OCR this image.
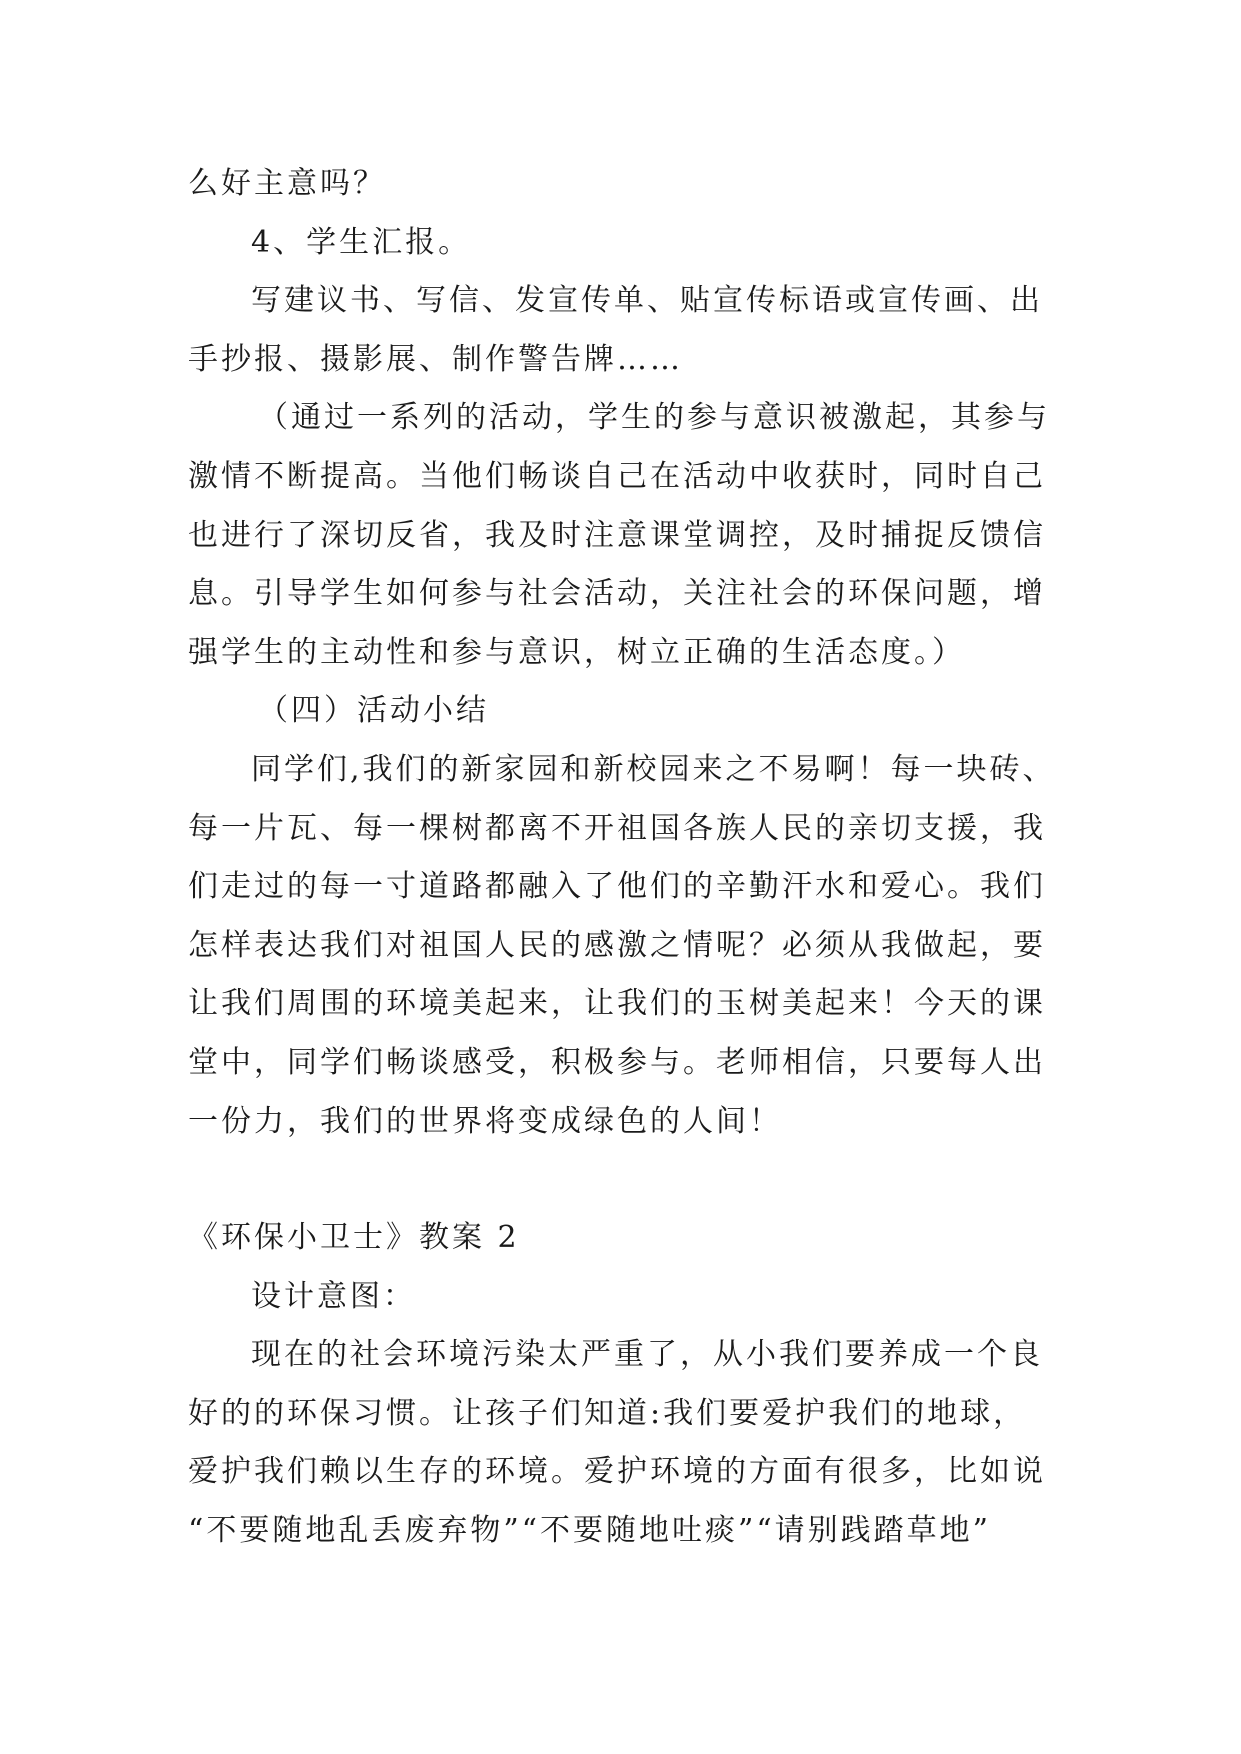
么好主意吗？
4、学生汇报。
写建议书、写信、发宣传单、贴宣传标语或宣传画、出
手抄报、摄影展、制作警告牌……
（通过一系列的活动，学生的参与意识被激起，其参与
激情不断提高。当他们畅谈自己在活动中收获时，同时自己
也进行了深切反省，我及时注意课堂调控，及时捕捉反馈信
息。引导学生如何参与社会活动，关注社会的环保问题，增
强学生的主动性和参与意识，树立正确的生活态度。）
（四）活动小结
同学们,我们的新家园和新校园来之不易啊！每一块砖、
每一片瓦、每一棵树都离不开祖国各族人民的亲切支援，我
们走过的每一寸道路都融入了他们的辛勤汗水和爱心。我们
怎样表达我们对祖国人民的感激之情呢？必须从我做起，要
让我们周围的环境美起来，让我们的玉树美起来！今天的课
堂中，同学们畅谈感受，积极参与。老师相信，只要每人出
一份力，我们的世界将变成绿色的人间！
《环保小卫士》教案 2
设计意图：
现在的社会环境污染太严重了，从小我们要养成一个良
好的的环保习惯。让孩子们知道:我们要爱护我们的地球，
爱护我们赖以生存的环境。爱护环境的方面有很多，比如说
“不要随地乱丢废弃物”“不要随地吐痰”“请别践踏草地”
